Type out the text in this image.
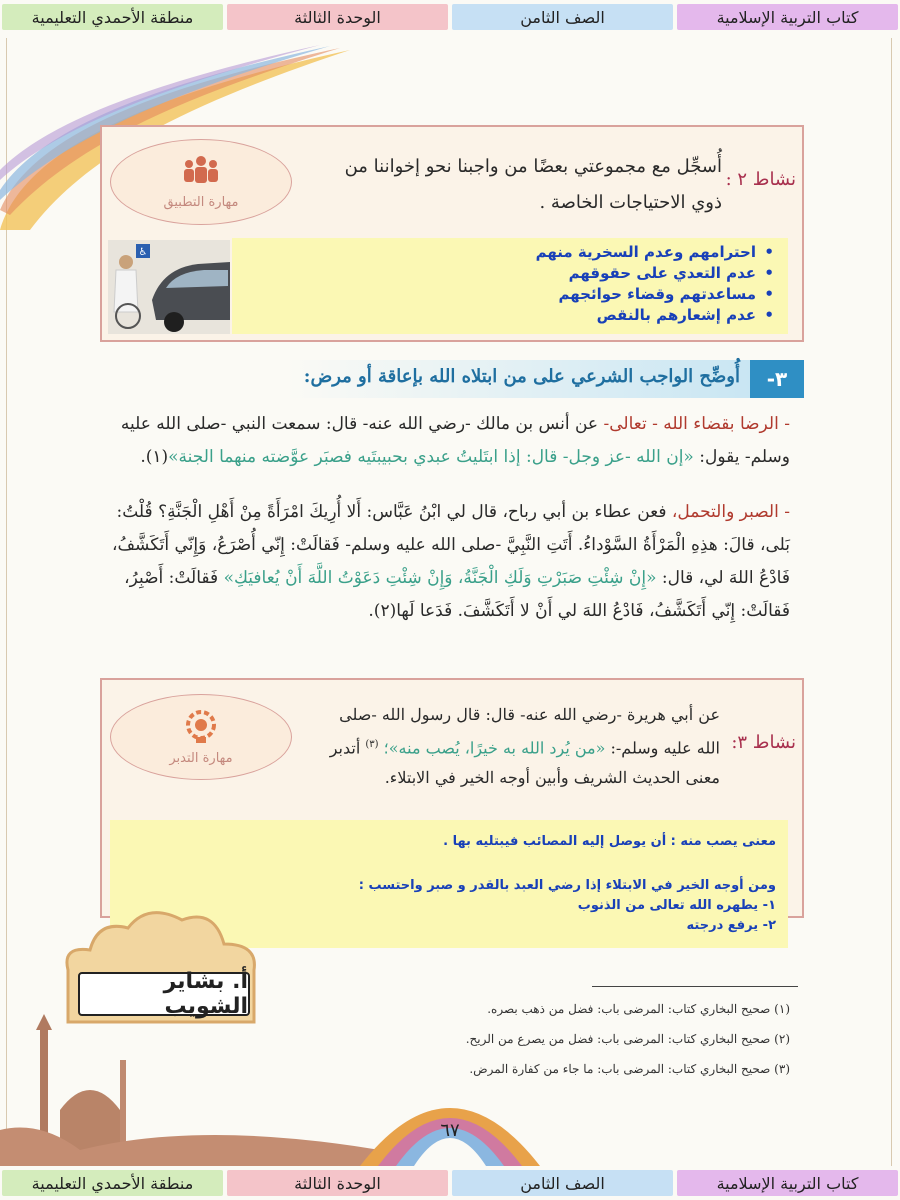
كتاب التربية الإسلامية
الصف الثامن
الوحدة الثالثة
منطقة الأحمدي التعليمية
نشاط ٢ :
أُسجِّل مع مجموعتي بعضًا من واجبنا نحو إخواننا من
ذوي الاحتياجات الخاصة .
مهارة التطبيق
• احترامهم وعدم السخرية منهم
• عدم التعدي على حقوقهم
• مساعدتهم وقضاء حوائجهم
• عدم إشعارهم بالنقص
♿
٣-
أُوضِّح الواجب الشرعي على من ابتلاه الله بإعاقة أو مرض:
- الرضا بقضاء الله - تعالى- عن أنس بن مالك -رضي الله عنه- قال: سمعت النبي -صلى الله عليه وسلم- يقول: «إن الله -عز وجل- قال: إذا ابتَليتُ عبدي بحبيبتَيه فصبَر عوَّضته منهما الجنة»(١).
- الصبر والتحمل، فعن عطاء بن أبي رباح، قال لي ابْنُ عَبَّاس: أَلا أُرِيكَ امْرَأَةً مِنْ أَهْلِ الْجَنَّةِ؟ قُلْتُ: بَلى، قالَ: هذِهِ الْمَرْأَةُ السَّوْداءُ. أَتَتِ النَّبِيَّ -صلى الله عليه وسلم- فَقالَتْ: إِنّي أُصْرَعُ، وَإِنّي أَتَكَشَّفُ، فَادْعُ اللهَ لي، قال: «إِنْ شِئْتِ صَبَرْتِ وَلَكِ الْجَنَّةُ، وَإِنْ شِئْتِ دَعَوْتُ اللَّهَ أَنْ يُعافيَكِ» فَقالَتْ: أَصْبِرُ، فَقالَتْ: إِنّي أَتَكَشَّفُ، فَادْعُ اللهَ لي أَنْ لا أَتَكَشَّفَ. فَدَعا لَها(٢).
نشاط ٣:
عن أبي هريرة -رضي الله عنه- قال: قال رسول الله -صلى الله عليه وسلم-: «من يُرد الله به خيرًا، يُصب منه»؛ $^{(٣)}$ أتدبر معنى الحديث الشريف وأبين أوجه الخير في الابتلاء.
مهارة التدبر
معنى يصب منه : أن يوصل إليه المصائب فيبتليه بها .
ومن أوجه الخير في الابتلاء إذا رضي العبد بالقدر و صبر واحتسب :
١- يطهره الله تعالى من الذنوب
٢- يرفع درجته
أ. بشاير الشويب	(١) صحيح البخاري كتاب: المرضى باب: فضل من ذهب بصره.
(٢) صحيح البخاري كتاب: المرضى باب: فضل من يصرع من الريح.
(٣) صحيح البخاري كتاب: المرضى باب: ما جاء من كفارة المرض.
٦٧
كتاب التربية الإسلامية
الصف الثامن
الوحدة الثالثة
منطقة الأحمدي التعليمية
